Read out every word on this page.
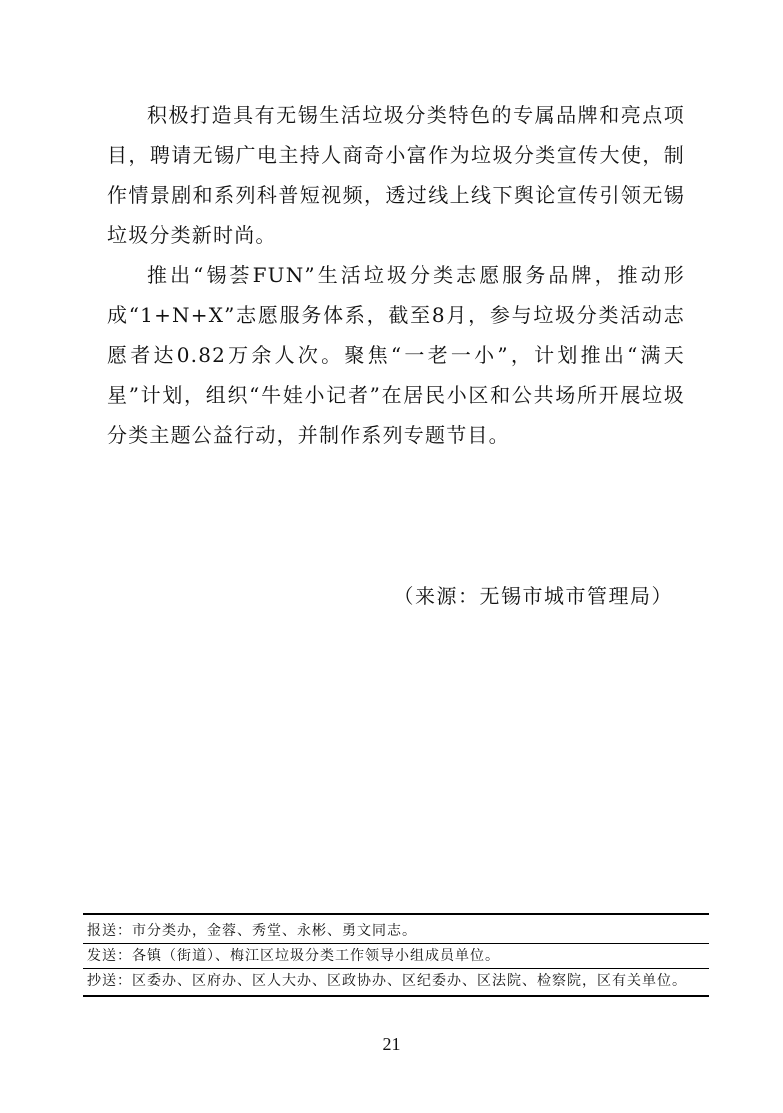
积极打造具有无锡生活垃圾分类特色的专属品牌和亮点项目，聘请无锡广电主持人商奇小富作为垃圾分类宣传大使，制作情景剧和系列科普短视频，透过线上线下舆论宣传引领无锡垃圾分类新时尚。

推出“锡荟FUN”生活垃圾分类志愿服务品牌，推动形成“1+N+X”志愿服务体系，截至8月，参与垃圾分类活动志愿者达0.82万余人次。聚焦“一老一小”，计划推出“满天星”计划，组织“牛娃小记者”在居民小区和公共场所开展垃圾分类主题公益行动，并制作系列专题节目。

（来源：无锡市城市管理局）
报送： 市分类办，金蓉、秀堂、永彬、勇文同志。
发送： 各镇（街道）、梅江区垃圾分类工作领导小组成员单位。
抄送： 区委办、区府办、区人大办、区政协办、区纪委办、区法院、检察院，区有关单位。
21
